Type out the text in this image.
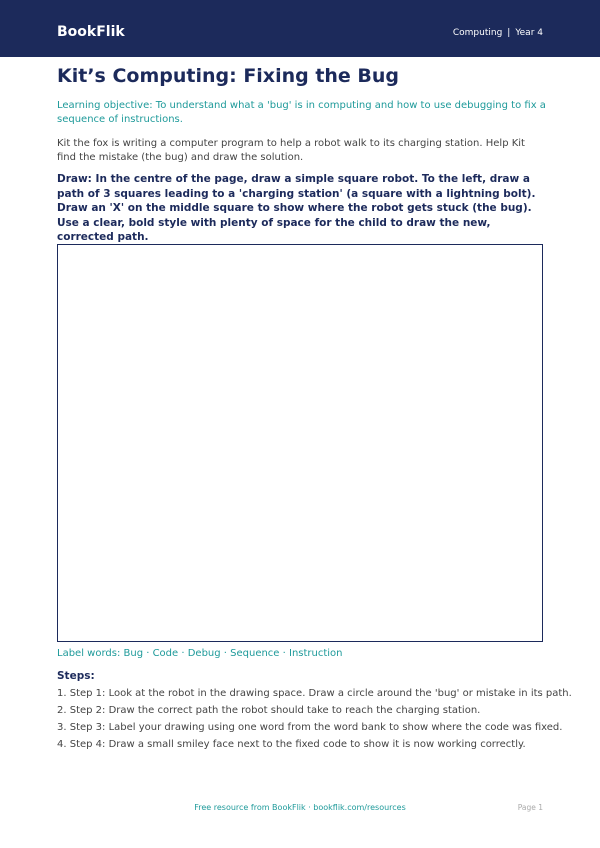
BookFlik	Computing | Year 4
Kit’s Computing: Fixing the Bug

Learning objective: To understand what a 'bug' is in computing and how to use debugging to fix a sequence of instructions.

Kit the fox is writing a computer program to help a robot walk to its charging station. Help Kit find the mistake (the bug) and draw the solution.

Draw: In the centre of the page, draw a simple square robot. To the left, draw a path of 3 squares leading to a 'charging station' (a square with a lightning bolt). Draw an 'X' on the middle square to show where the robot gets stuck (the bug). Use a clear, bold style with plenty of space for the child to draw the new, corrected path.

Label words: Bug · Code · Debug · Sequence · Instruction
Steps:
1. Step 1: Look at the robot in the drawing space. Draw a circle around the 'bug' or mistake in its path.
2. Step 2: Draw the correct path the robot should take to reach the charging station.
3. Step 3: Label your drawing using one word from the word bank to show where the code was fixed.
4. Step 4: Draw a small smiley face next to the fixed code to show it is now working correctly.
Free resource from BookFlik · bookflik.com/resources	Page 1
